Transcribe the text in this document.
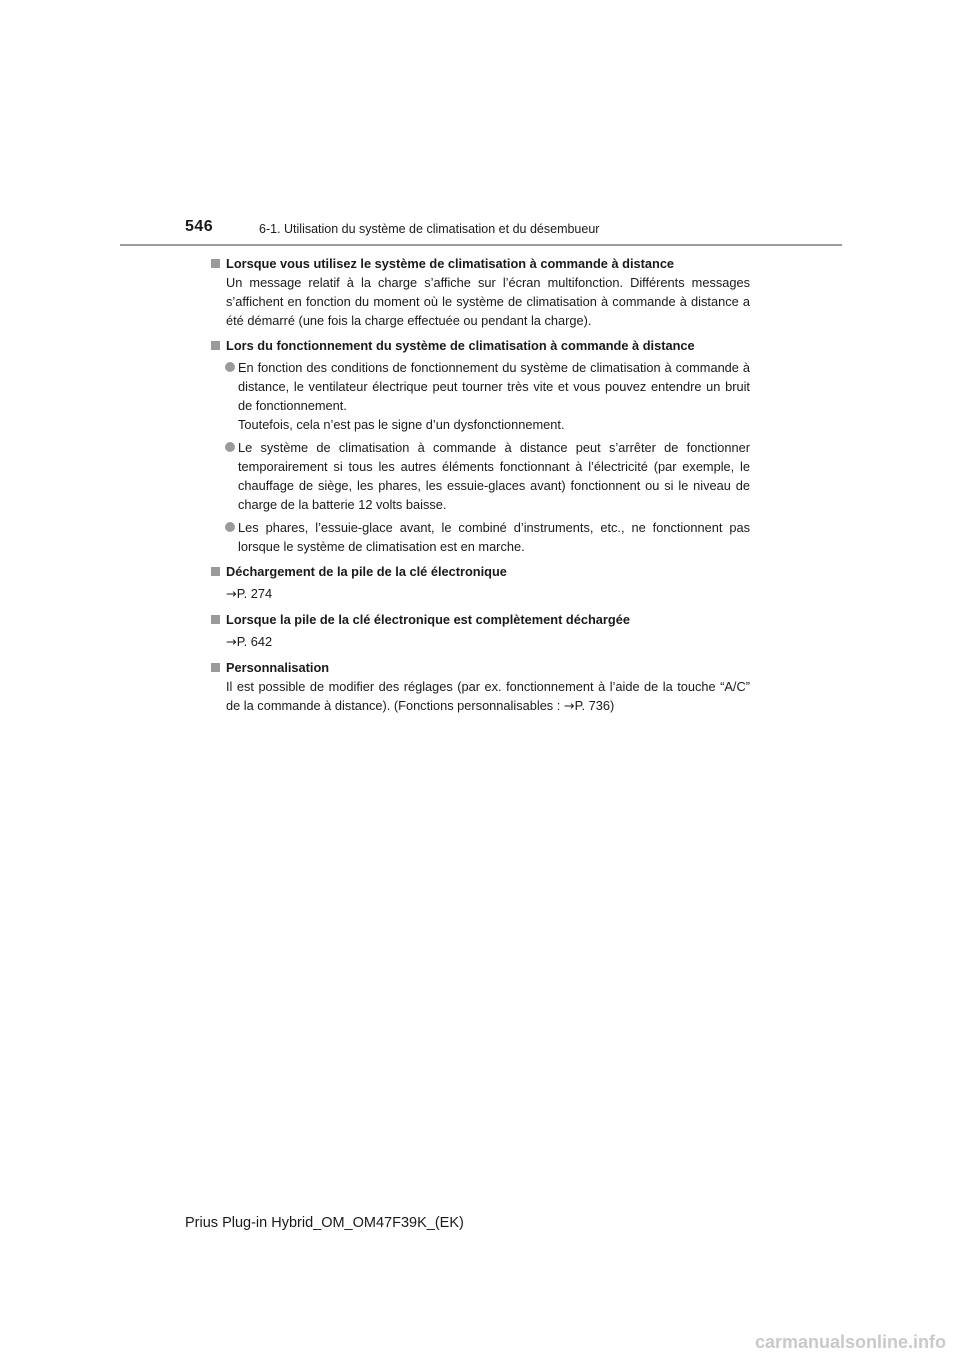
546	6-1. Utilisation du système de climatisation et du désembueur
Lorsque vous utilisez le système de climatisation à commande à distance
Un message relatif à la charge s’affiche sur l’écran multifonction. Différents messages s’affichent en fonction du moment où le système de climatisation à commande à distance a été démarré (une fois la charge effectuée ou pendant la charge).
Lors du fonctionnement du système de climatisation à commande à distance
En fonction des conditions de fonctionnement du système de climatisation à commande à distance, le ventilateur électrique peut tourner très vite et vous pouvez entendre un bruit de fonctionnement.
Toutefois, cela n’est pas le signe d’un dysfonctionnement.
Le système de climatisation à commande à distance peut s’arrêter de fonctionner temporairement si tous les autres éléments fonctionnant à l’électricité (par exemple, le chauffage de siège, les phares, les essuie-glaces avant) fonctionnent ou si le niveau de charge de la batterie 12 volts baisse.
Les phares, l’essuie-glace avant, le combiné d’instruments, etc., ne fonctionnent pas lorsque le système de climatisation est en marche.
Déchargement de la pile de la clé électronique
→P. 274
Lorsque la pile de la clé électronique est complètement déchargée
→P. 642
Personnalisation
Il est possible de modifier des réglages (par ex. fonctionnement à l’aide de la touche “A/C” de la commande à distance). (Fonctions personnalisables : →P. 736)
Prius Plug-in Hybrid_OM_OM47F39K_(EK)
carmanualsonline.info
